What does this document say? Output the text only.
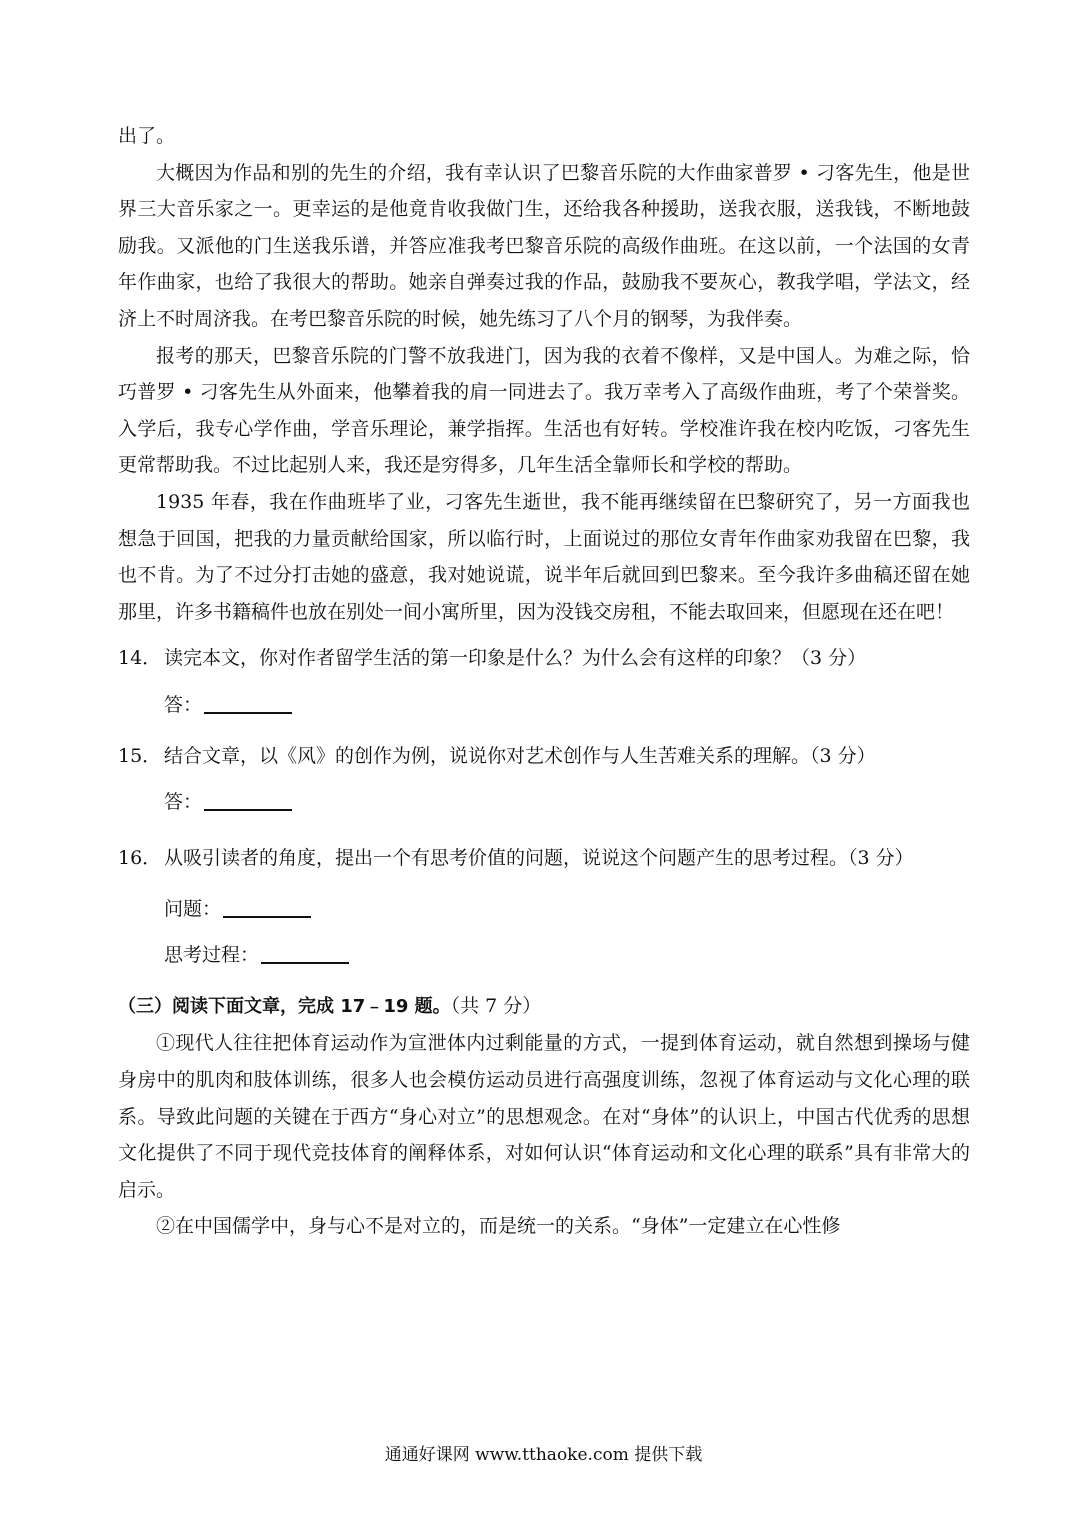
出了。

大概因为作品和别的先生的介绍，我有幸认识了巴黎音乐院的大作曲家普罗 • 刁客先生，他是世界三大音乐家之一。更幸运的是他竟肯收我做门生，还给我各种援助，送我衣服，送我钱，不断地鼓励我。又派他的门生送我乐谱，并答应准我考巴黎音乐院的高级作曲班。在这以前，一个法国的女青年作曲家，也给了我很大的帮助。她亲自弹奏过我的作品，鼓励我不要灰心，教我学唱，学法文，经济上不时周济我。在考巴黎音乐院的时候，她先练习了八个月的钢琴，为我伴奏。

报考的那天，巴黎音乐院的门警不放我进门，因为我的衣着不像样，又是中国人。为难之际，恰巧普罗 • 刁客先生从外面来，他攀着我的肩一同进去了。我万幸考入了高级作曲班，考了个荣誉奖。入学后，我专心学作曲，学音乐理论，兼学指挥。生活也有好转。学校准许我在校内吃饭，刁客先生更常帮助我。不过比起别人来，我还是穷得多，几年生活全靠师长和学校的帮助。

1935 年春，我在作曲班毕了业，刁客先生逝世，我不能再继续留在巴黎研究了，另一方面我也想急于回国，把我的力量贡献给国家，所以临行时，上面说过的那位女青年作曲家劝我留在巴黎，我也不肯。为了不过分打击她的盛意，我对她说谎，说半年后就回到巴黎来。至今我许多曲稿还留在她那里，许多书籍稿件也放在别处一间小寓所里，因为没钱交房租，不能去取回来，但愿现在还在吧！

14． 读完本文，你对作者留学生活的第一印象是什么？为什么会有这样的印象？（3 分）

答：

15． 结合文章，以《风》的创作为例，说说你对艺术创作与人生苦难关系的理解。（3 分）

答：

16． 从吸引读者的角度，提出一个有思考价值的问题，说说这个问题产生的思考过程。（3 分）

问题：

思考过程：

（三）阅读下面文章，完成 17﹣19 题。（共 7 分）

①现代人往往把体育运动作为宣泄体内过剩能量的方式，一提到体育运动，就自然想到操场与健身房中的肌肉和肢体训练，很多人也会模仿运动员进行高强度训练，忽视了体育运动与文化心理的联系。导致此问题的关键在于西方“身心对立”的思想观念。在对“身体”的认识上，中国古代优秀的思想文化提供了不同于现代竞技体育的阐释体系，对如何认识“体育运动和文化心理的联系”具有非常大的启示。

②在中国儒学中，身与心不是对立的，而是统一的关系。“身体”一定建立在心性修

通通好课网 www.tthaoke.com 提供下载
